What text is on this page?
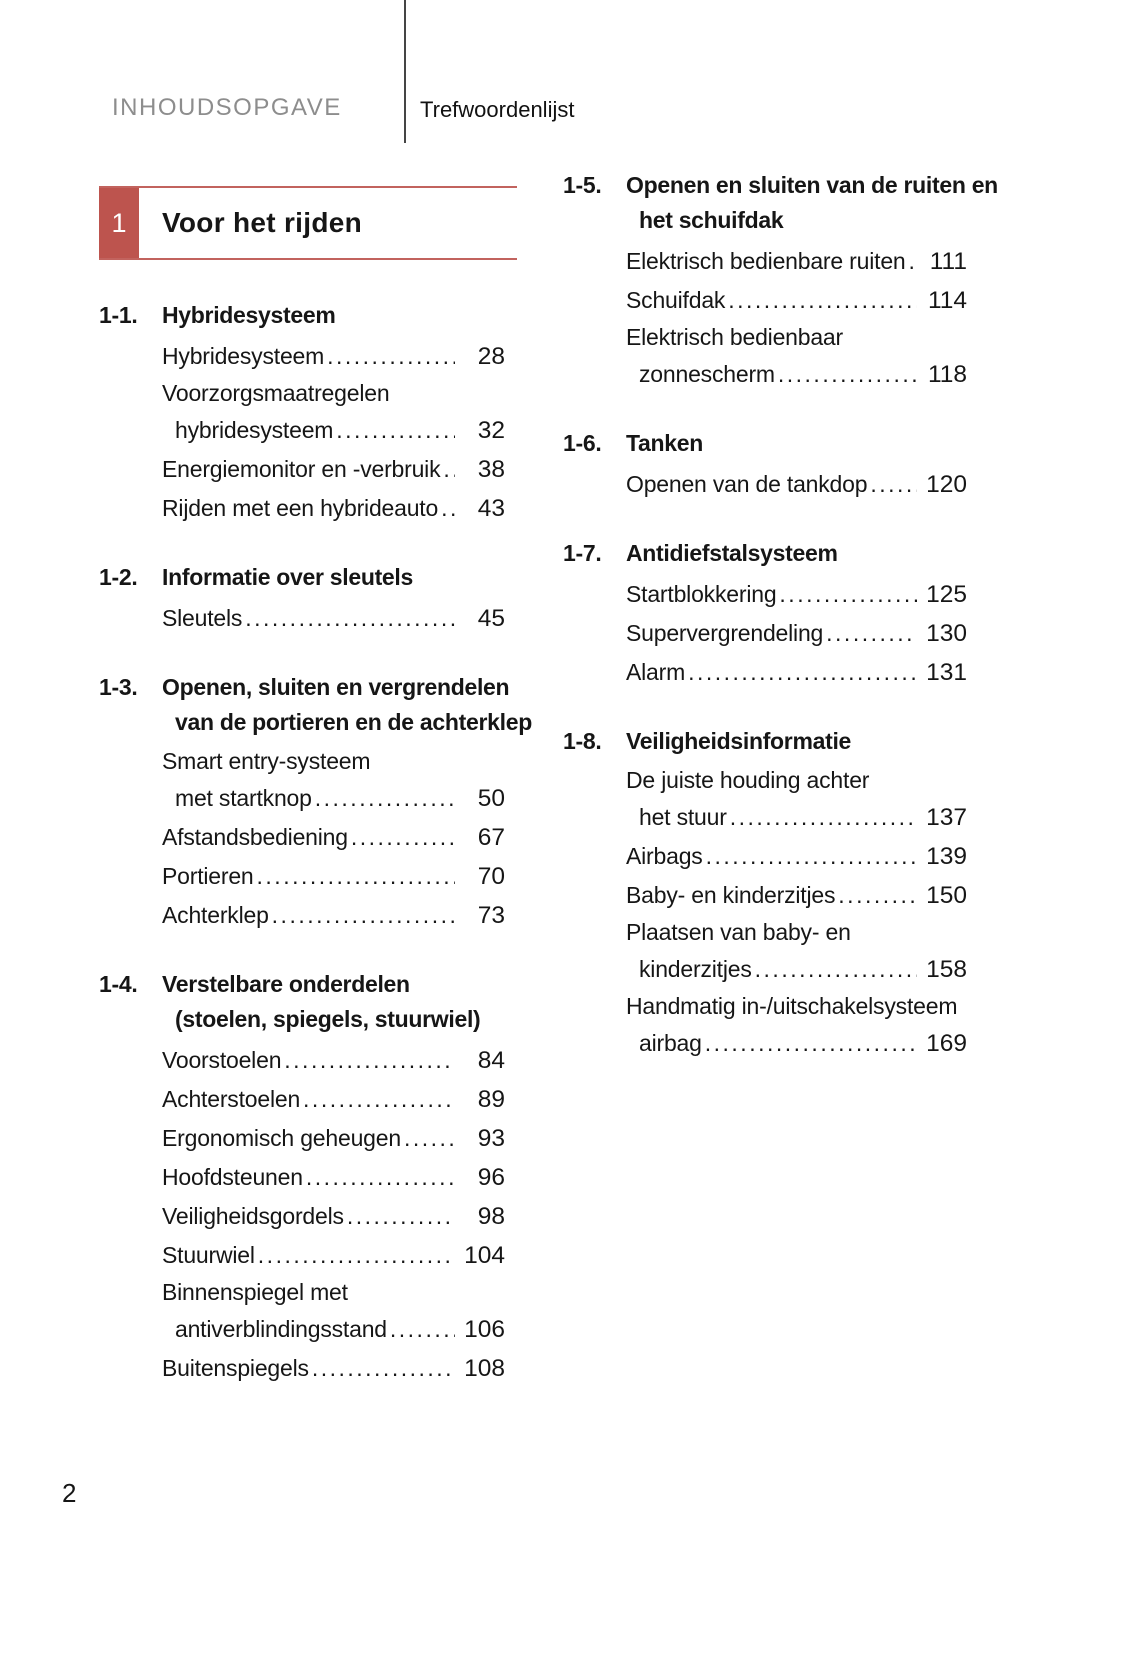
INHOUDSOPGAVE	Trefwoordenlijst
1	Voor het rijden
1-1.	Hybridesysteem
Hybridesysteem .....	28
Voorzorgsmaatregelen
hybridesysteem .....	32
Energiemonitor en -verbruik .....	38
Rijden met een hybrideauto .....	43
1-2.	Informatie over sleutels
Sleutels .....	45
1-3.	Openen, sluiten en vergrendelen
van de portieren en de achterklep
Smart entry-systeem
met startknop .....	50
Afstandsbediening .....	67
Portieren .....	70
Achterklep .....	73
1-4.	Verstelbare onderdelen
(stoelen, spiegels, stuurwiel)
Voorstoelen .....	84
Achterstoelen .....	89
Ergonomisch geheugen .....	93
Hoofdsteunen .....	96
Veiligheidsgordels .....	98
Stuurwiel .....	104
Binnenspiegel met
antiverblindingsstand .....	106
Buitenspiegels .....	108
1-5.	Openen en sluiten van de ruiten en
het schuifdak
Elektrisch bedienbare ruiten ..... 111
Schuifdak .....	114
Elektrisch bedienbaar
zonnescherm .....	118
1-6.	Tanken
Openen van de tankdop ..... 120
1-7.	Antidiefstalsysteem
Startblokkering .....	125
Supervergrendeling .....	130
Alarm .....	131
1-8.	Veiligheidsinformatie
De juiste houding achter
het stuur .....	137
Airbags .....	139
Baby- en kinderzitjes .....	150
Plaatsen van baby- en
kinderzitjes .....	158
Handmatig in-/uitschakelsysteem
airbag .....	169
2
